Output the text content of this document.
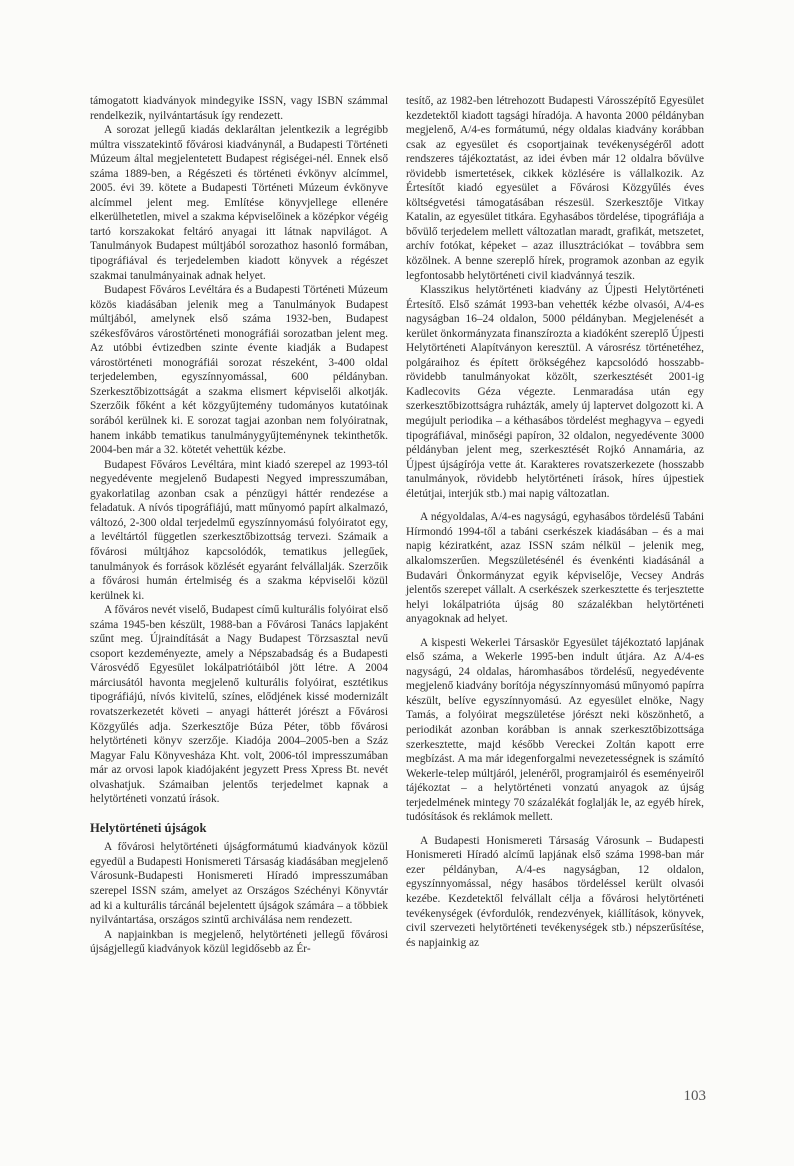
támogatott kiadványok mindegyike ISSN, vagy ISBN számmal rendelkezik, nyilvántartásuk így rendezett.

A sorozat jellegű kiadás deklaráltan jelentkezik a legrégibb múltra visszatekintő fővárosi kiadványnál, a Budapesti Történeti Múzeum által megjelentetett Budapest régiségei-nél. Ennek első száma 1889-ben, a Régészeti és történeti évkönyv alcímmel, 2005. évi 39. kötete a Budapesti Történeti Múzeum évkönyve alcímmel jelent meg. Említése könyvjellege ellenére elkerülhetetlen, mivel a szakma képviselőinek a középkor végéig tartó korszakokat feltáró anyagai itt látnak napvilágot. A Tanulmányok Budapest múltjából sorozathoz hasonló formában, tipográfiával és terjedelemben kiadott könyvek a régészet szakmai tanulmányainak adnak helyet.

Budapest Főváros Levéltára és a Budapesti Történeti Múzeum közös kiadásában jelenik meg a Tanulmányok Budapest múltjából, amelynek első száma 1932-ben, Budapest székesfőváros várostörténeti monográfiái sorozatban jelent meg. Az utóbbi évtizedben szinte évente kiadják a Budapest várostörténeti monográfiái sorozat részeként, 3-400 oldal terjedelemben, egyszínnyomással, 600 példányban. Szerkesztőbizottságát a szakma elismert képviselői alkotják. Szerzőik főként a két közgyűjtemény tudományos kutatóinak sorából kerülnek ki. E sorozat tagjai azonban nem folyóiratnak, hanem inkább tematikus tanulmánygyűjteménynek tekinthetők. 2004-ben már a 32. kötetét vehettük kézbe.

Budapest Főváros Levéltára, mint kiadó szerepel az 1993-tól negyedévente megjelenő Budapesti Negyed impresszumában, gyakorlatilag azonban csak a pénzügyi háttér rendezése a feladatuk. A nívós tipográfiájú, matt műnyomó papírt alkalmazó, változó, 2-300 oldal terjedelmű egyszínnyomású folyóiratot egy, a levéltártól független szerkesztőbizottság tervezi. Számaik a fővárosi múltjához kapcsolódók, tematikus jellegűek, tanulmányok és források közlését egyaránt felvállalják. Szerzőik a fővárosi humán értelmiség és a szakma képviselői közül kerülnek ki.

A főváros nevét viselő, Budapest című kulturális folyóirat első száma 1945-ben készült, 1988-ban a Fővárosi Tanács lapjaként szűnt meg. Újraindítását a Nagy Budapest Törzsasztal nevű csoport kezdeményezte, amely a Népszabadság és a Budapesti Városvédő Egyesület lokálpatriótáiból jött létre. A 2004 márciusától havonta megjelenő kulturális folyóirat, esztétikus tipográfiájú, nívós kivitelű, színes, elődjének kissé modernizált rovatszerkezetét követi – anyagi hátterét jórészt a Fővárosi Közgyűlés adja. Szerkesztője Búza Péter, több fővárosi helytörténeti könyv szerzője. Kiadója 2004–2005-ben a Száz Magyar Falu Könyvesháza Kht. volt, 2006-tól impresszumában már az orvosi lapok kiadójaként jegyzett Press Xpress Bt. nevét olvashatjuk. Számaiban jelentős terjedelmet kapnak a helytörténeti vonzatú írások.

Helytörténeti újságok

A fővárosi helytörténeti újságformátumú kiadványok közül egyedül a Budapesti Honismereti Társaság kiadásában megjelenő Városunk-Budapesti Honismereti Híradó impresszumában szerepel ISSN szám, amelyet az Országos Széchényi Könyvtár ad ki a kulturális tárcánál bejelentett újságok számára – a többiek nyilvántartása, országos szintű archiválása nem rendezett.

A napjainkban is megjelenő, helytörténeti jellegű fővárosi újságjellegű kiadványok közül legidősebb az Ér-

tesítő, az 1982-ben létrehozott Budapesti Városszépítő Egyesület kezdetektől kiadott tagsági híradója. A havonta 2000 példányban megjelenő, A/4-es formátumú, négy oldalas kiadvány korábban csak az egyesület és csoportjainak tevékenységéről adott rendszeres tájékoztatást, az idei évben már 12 oldalra bővülve rövidebb ismertetések, cikkek közlésére is vállalkozik. Az Értesítőt kiadó egyesület a Fővárosi Közgyűlés éves költségvetési támogatásában részesül. Szerkesztője Vitkay Katalin, az egyesület titkára. Egyhasábos tördelése, tipográfiája a bővülő terjedelem mellett változatlan maradt, grafikát, metszetet, archív fotókat, képeket – azaz illusztrációkat – továbbra sem közölnek. A benne szereplő hírek, programok azonban az egyik legfontosabb helytörténeti civil kiadvánnyá teszik.

Klasszikus helytörténeti kiadvány az Újpesti Helytörténeti Értesítő. Első számát 1993-ban vehették kézbe olvasói, A/4-es nagyságban 16–24 oldalon, 5000 példányban. Megjelenését a kerület önkormányzata finanszírozta a kiadóként szereplő Újpesti Helytörténeti Alapítványon keresztül. A városrész történetéhez, polgáraihoz és épített örökségéhez kapcsolódó hosszabb-rövidebb tanulmányokat közölt, szerkesztését 2001-ig Kadlecovits Géza végezte. Lenmaradása után egy szerkesztőbizottságra ruházták, amely új laptervet dolgozott ki. A megújult periodika – a kéthasábos tördelést meghagyva – egyedi tipográfiával, minőségi papíron, 32 oldalon, negyedévente 3000 példányban jelent meg, szerkesztését Rojkó Annamária, az Újpest újságírója vette át. Karakteres rovatszerkezete (hosszabb tanulmányok, rövidebb helytörténeti írások, híres újpestiek életútjai, interjúk stb.) mai napig változatlan.

A négyoldalas, A/4-es nagyságú, egyhasábos tördelésű Tabáni Hírmondó 1994-től a tabáni cserkészek kiadásában – és a mai napig kéziratként, azaz ISSN szám nélkül – jelenik meg, alkalomszerűen. Megszületésénél és évenkénti kiadásánál a Budavári Önkormányzat egyik képviselője, Vecsey András jelentős szerepet vállalt. A cserkészek szerkesztette és terjesztette helyi lokálpatrióta újság 80 százalékban helytörténeti anyagoknak ad helyet.

A kispesti Wekerlei Társaskör Egyesület tájékoztató lapjának első száma, a Wekerle 1995-ben indult útjára. Az A/4-es nagyságú, 24 oldalas, háromhasábos tördelésű, negyedévente megjelenő kiadvány borítója négyszínnyomású műnyomó papírra készült, belíve egyszínnyomású. Az egyesület elnöke, Nagy Tamás, a folyóirat megszületése jórészt neki köszönhető, a periodikát azonban korábban is annak szerkesztőbizottsága szerkesztette, majd később Vereckei Zoltán kapott erre megbízást. A ma már idegenforgalmi nevezetességnek is számító Wekerle-telep múltjáról, jelenéről, programjairól és eseményeiről tájékoztat – a helytörténeti vonzatú anyagok az újság terjedelmének mintegy 70 százalékát foglalják le, az egyéb hírek, tudósítások és reklámok mellett.

A Budapesti Honismereti Társaság Városunk – Budapesti Honismereti Híradó alcímű lapjának első száma 1998-ban már ezer példányban, A/4-es nagyságban, 12 oldalon, egyszínnyomással, négy hasábos tördeléssel került olvasói kezébe. Kezdetektől felvállalt célja a fővárosi helytörténeti tevékenységek (évfordulók, rendezvények, kiállítások, könyvek, civil szervezeti helytörténeti tevékenységek stb.) népszerűsítése, és napjainkig az

103
